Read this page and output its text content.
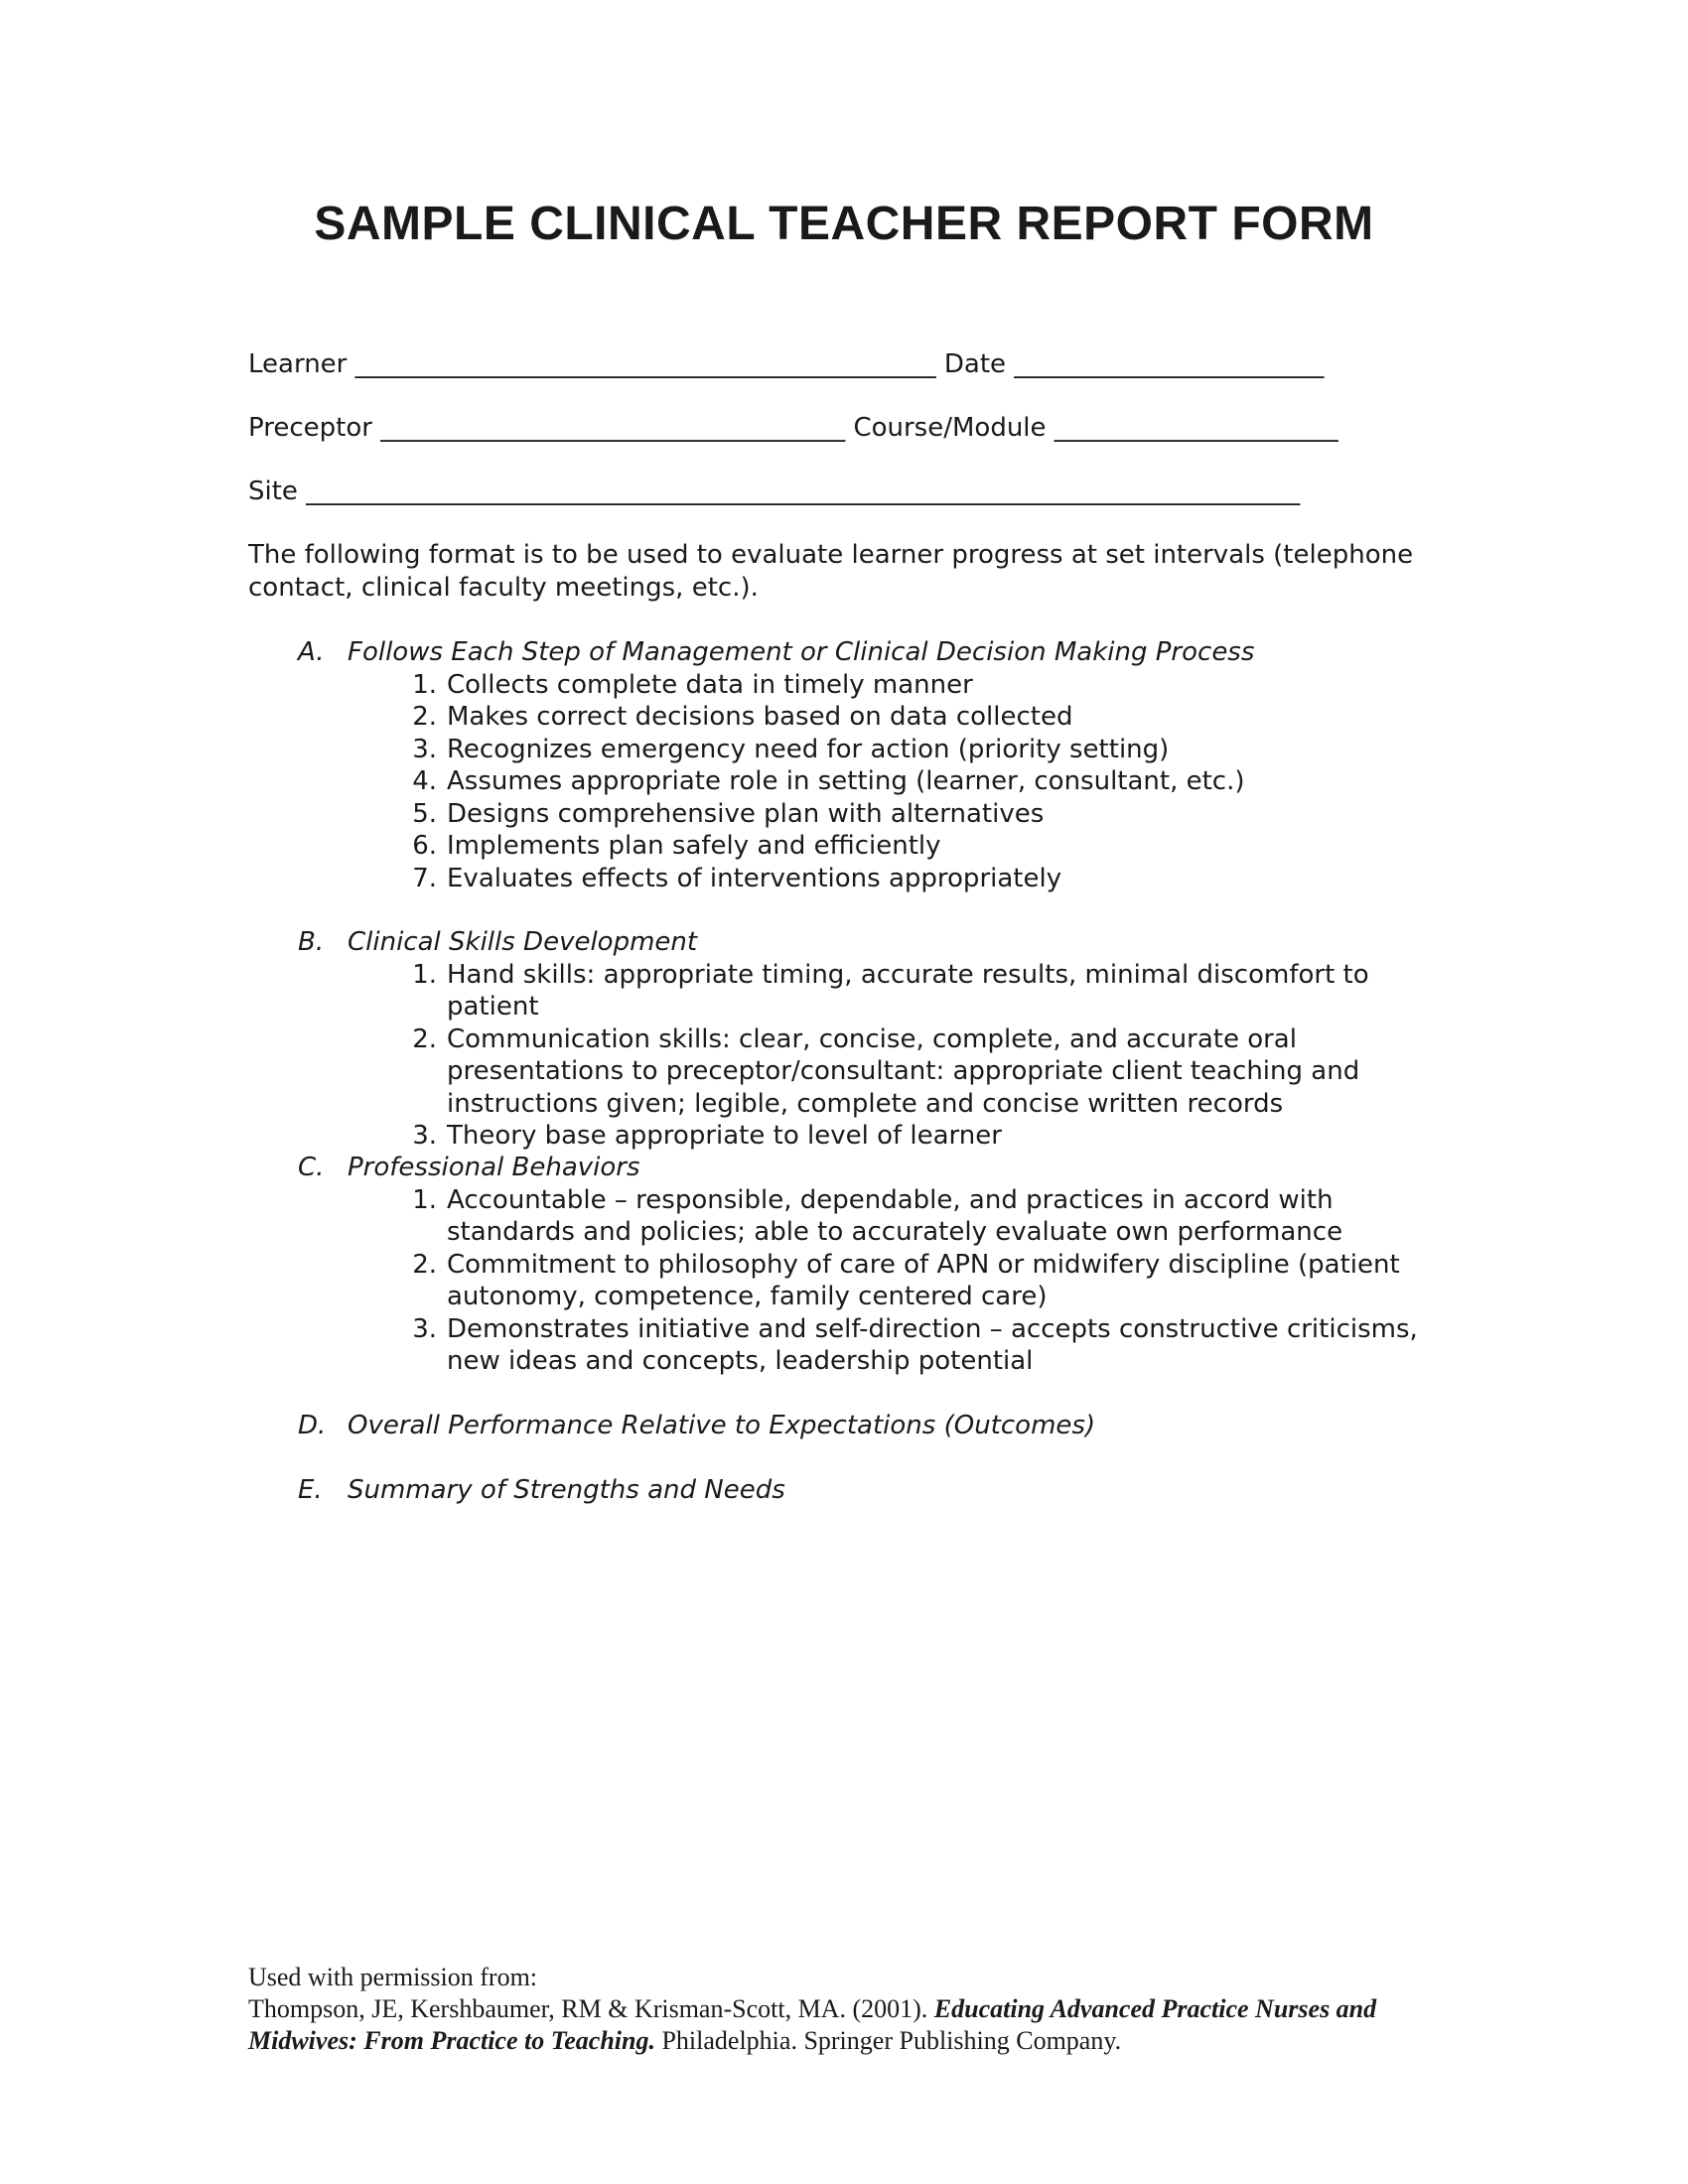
SAMPLE CLINICAL TEACHER REPORT FORM
Learner _____________________________________________ Date ________________________
Preceptor ____________________________________ Course/Module ______________________
Site _____________________________________________________________________________
The following format is to be used to evaluate learner progress at set intervals (telephone contact, clinical faculty meetings, etc.).
A. Follows Each Step of Management or Clinical Decision Making Process
1. Collects complete data in timely manner
2. Makes correct decisions based on data collected
3. Recognizes emergency need for action (priority setting)
4. Assumes appropriate role in setting (learner, consultant, etc.)
5. Designs comprehensive plan with alternatives
6. Implements plan safely and efficiently
7. Evaluates effects of interventions appropriately
B. Clinical Skills Development
1. Hand skills: appropriate timing, accurate results, minimal discomfort to patient
2. Communication skills: clear, concise, complete, and accurate oral presentations to preceptor/consultant: appropriate client teaching and instructions given; legible, complete and concise written records
3. Theory base appropriate to level of learner
C. Professional Behaviors
1. Accountable – responsible, dependable, and practices in accord with standards and policies; able to accurately evaluate own performance
2. Commitment to philosophy of care of APN or midwifery discipline (patient autonomy, competence, family centered care)
3. Demonstrates initiative and self-direction – accepts constructive criticisms, new ideas and concepts, leadership potential
D. Overall Performance Relative to Expectations (Outcomes)
E. Summary of Strengths and Needs
Used with permission from:
Thompson, JE, Kershbaumer, RM & Krisman-Scott, MA. (2001). Educating Advanced Practice Nurses and Midwives: From Practice to Teaching. Philadelphia. Springer Publishing Company.
